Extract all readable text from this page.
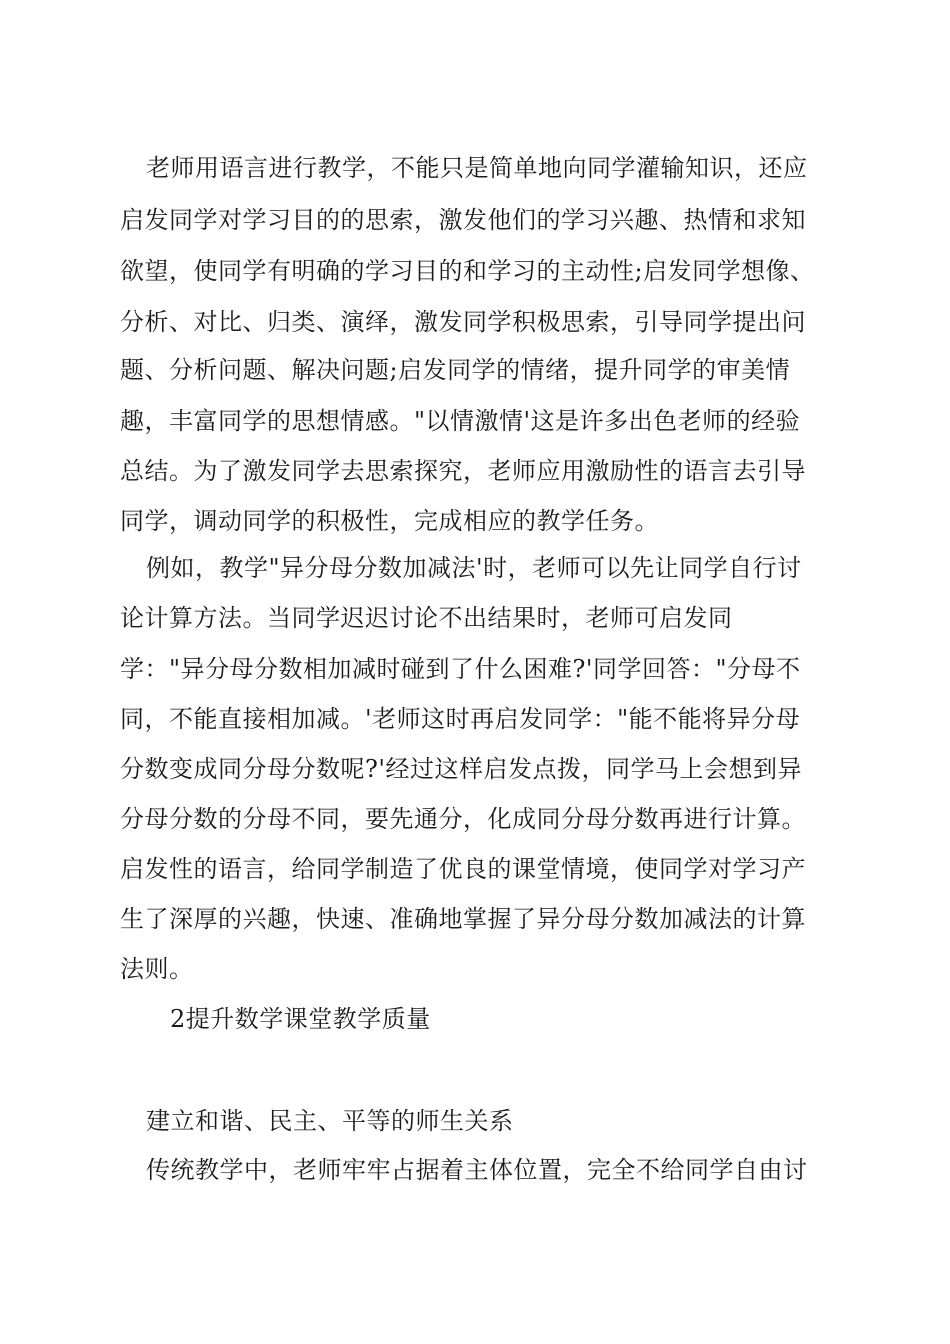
老师用语言进行教学，不能只是简单地向同学灌输知识，还应
启发同学对学习目的的思索，激发他们的学习兴趣、热情和求知
欲望，使同学有明确的学习目的和学习的主动性;启发同学想像、
分析、对比、归类、演绎，激发同学积极思索，引导同学提出问
题、分析问题、解决问题;启发同学的情绪，提升同学的审美情
趣，丰富同学的思想情感。"以情激情'这是许多出色老师的经验
总结。为了激发同学去思索探究，老师应用激励性的语言去引导
同学，调动同学的积极性，完成相应的教学任务。
例如，教学"异分母分数加减法'时，老师可以先让同学自行讨
论计算方法。当同学迟迟讨论不出结果时，老师可启发同
学："异分母分数相加减时碰到了什么困难?'同学回答："分母不
同，不能直接相加减。'老师这时再启发同学："能不能将异分母
分数变成同分母分数呢?'经过这样启发点拨，同学马上会想到异
分母分数的分母不同，要先通分，化成同分母分数再进行计算。
启发性的语言，给同学制造了优良的课堂情境，使同学对学习产
生了深厚的兴趣，快速、准确地掌握了异分母分数加减法的计算
法则。
2提升数学课堂教学质量
建立和谐、民主、平等的师生关系
传统教学中，老师牢牢占据着主体位置，完全不给同学自由讨
